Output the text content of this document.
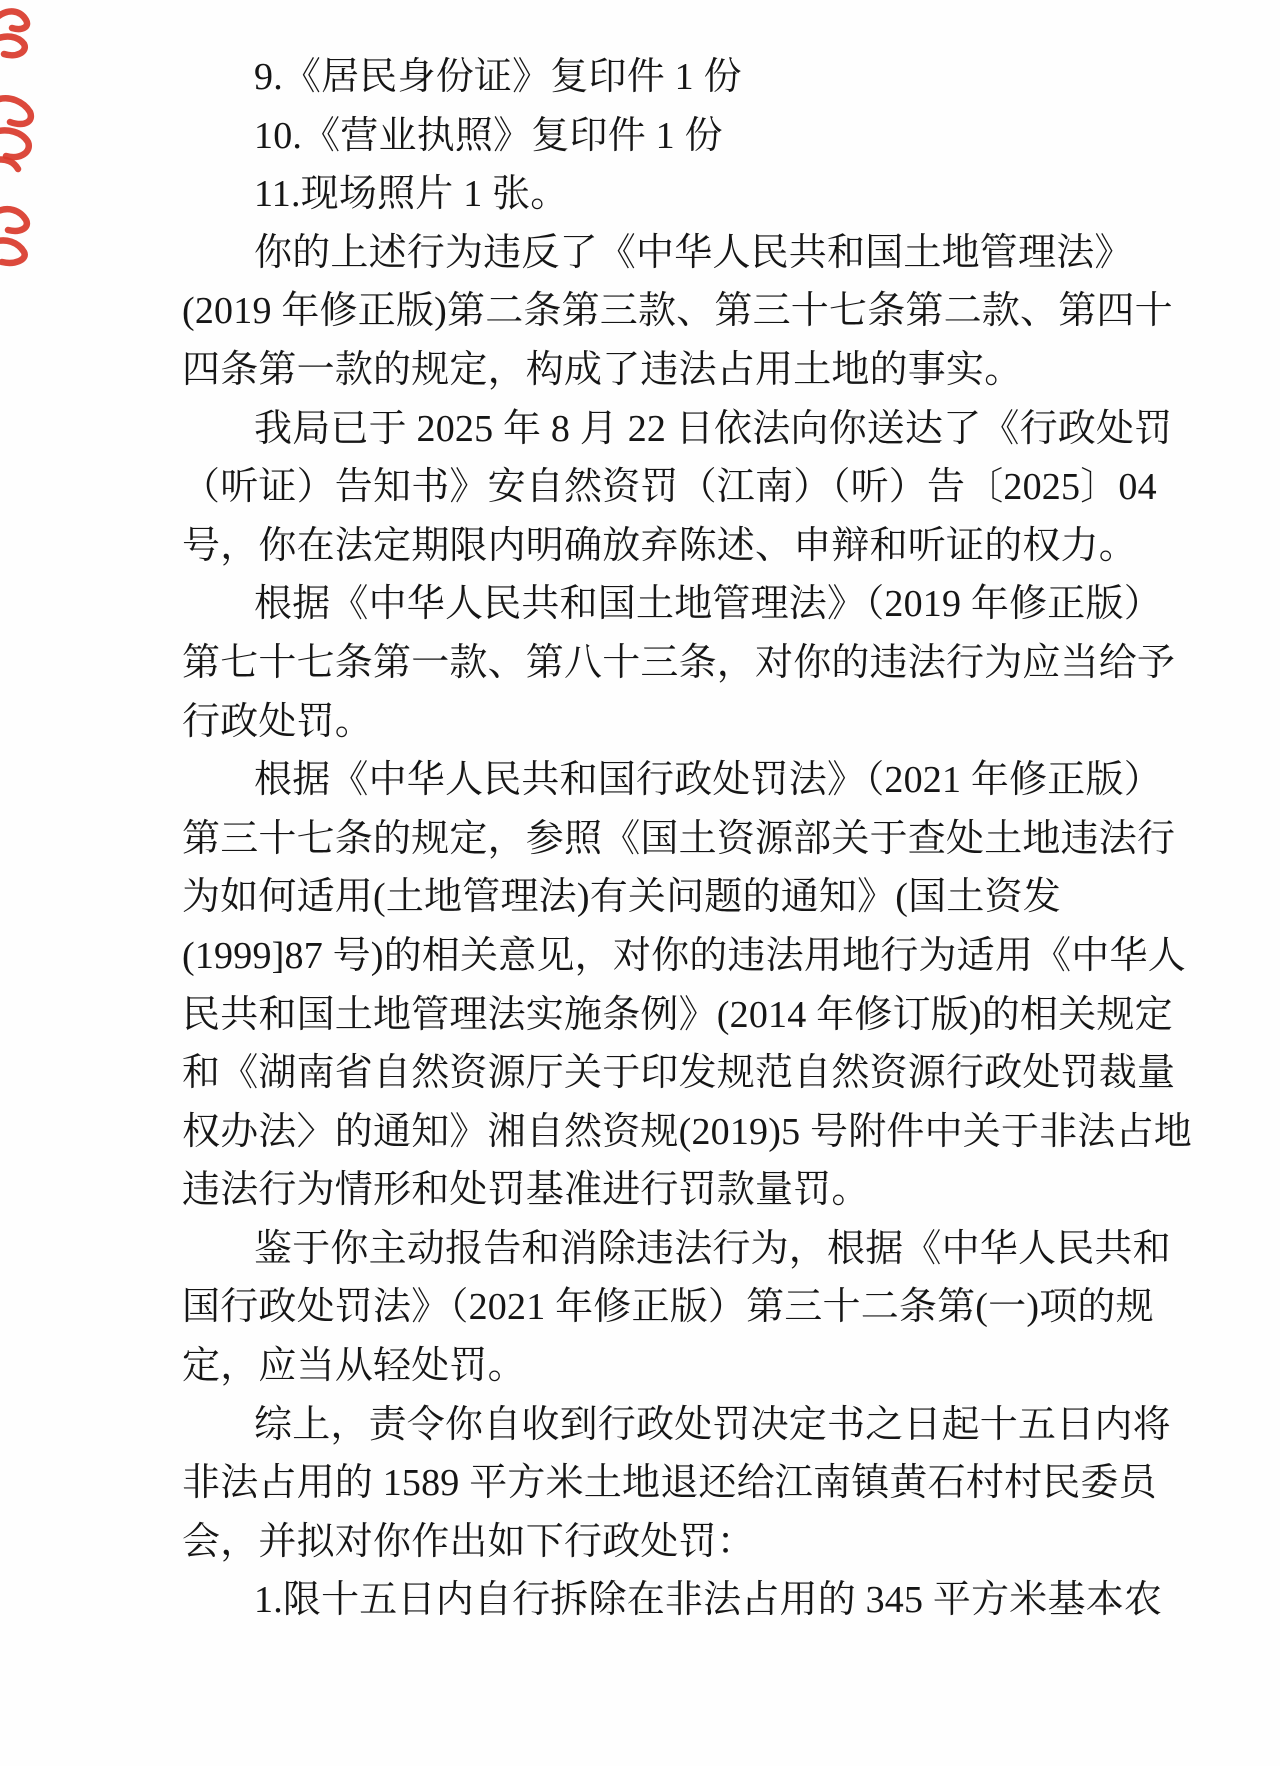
9.《居民身份证》复印件 1 份
10.《营业执照》复印件 1 份
11.现场照片 1 张。
你的上述行为违反了《中华人民共和国土地管理法》
(2019 年修正版)第二条第三款、第三十七条第二款、第四十
四条第一款的规定，构成了违法占用土地的事实。
我局已于 2025 年 8 月 22 日依法向你送达了《行政处罚
（听证）告知书》安自然资罚（江南）（听）告〔2025〕04
号，你在法定期限内明确放弃陈述、申辩和听证的权力。
根据《中华人民共和国土地管理法》（2019 年修正版）
第七十七条第一款、第八十三条，对你的违法行为应当给予
行政处罚。
根据《中华人民共和国行政处罚法》（2021 年修正版）
第三十七条的规定，参照《国土资源部关于查处土地违法行
为如何适用(土地管理法)有关问题的通知》(国土资发
(1999]87 号)的相关意见，对你的违法用地行为适用《中华人
民共和国土地管理法实施条例》(2014 年修订版)的相关规定
和《湖南省自然资源厅关于印发规范自然资源行政处罚裁量
权办法〉的通知》湘自然资规(2019)5 号附件中关于非法占地
违法行为情形和处罚基准进行罚款量罚。
鉴于你主动报告和消除违法行为，根据《中华人民共和
国行政处罚法》（2021 年修正版）第三十二条第(一)项的规
定，应当从轻处罚。
综上，责令你自收到行政处罚决定书之日起十五日内将
非法占用的 1589 平方米土地退还给江南镇黄石村村民委员
会，并拟对你作出如下行政处罚：
1.限十五日内自行拆除在非法占用的 345 平方米基本农
